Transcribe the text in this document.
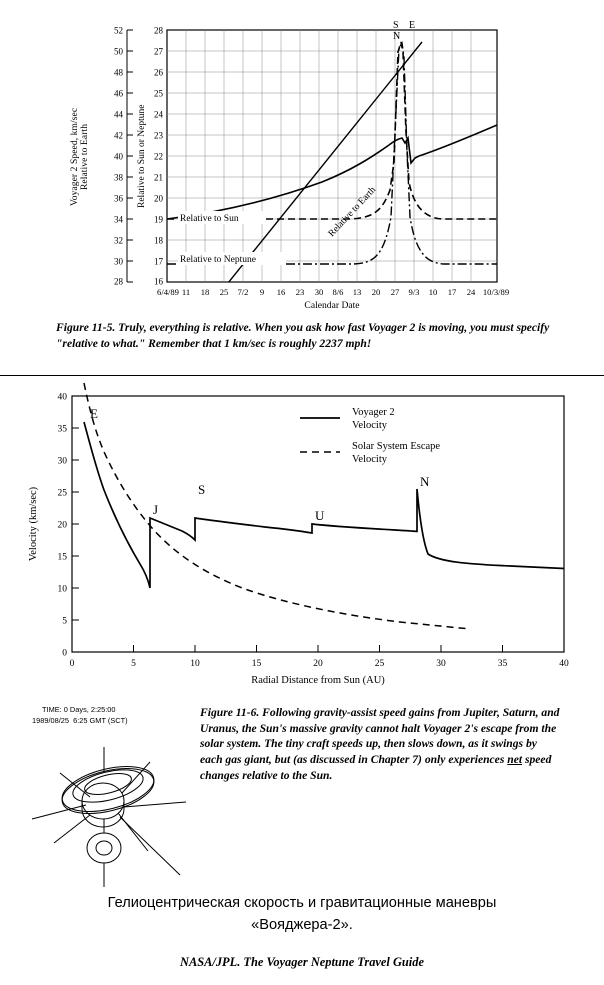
Voyager 2 Speed, km/sec
Relative to Earth
52
50
48
46
44
42
40
38
36
34
32
30
28
Relative to Sun or Neptune
28
27
26
25
24
23
22
21
20
19
18
17
16
Relative to Sun
Relative to Neptune
Relative to Earth
S
N
E
6/4/89 11 18 25 7/2 9 16 23 30 8/6 13 20 27 9/3 10 17 24 10/3/89
Calendar Date
Figure 11-5. Truly, everything is relative. When you ask how fast Voyager 2 is moving, you must specify "relative to what." Remember that 1 km/sec is roughly 2237 mph!
0
5
10
15
20
25
30
35
40
Velocity (km/sec)
0	5	10	15	20	25	30	35	40
Radial Distance from Sun (AU)
E
J
S
U
N
Voyager 2
Velocity
Solar System Escape
Velocity
Figure 11-6. Following gravity-assist speed gains from Jupiter, Saturn, and Uranus, the Sun's massive gravity cannot halt Voyager 2's escape from the solar system. The tiny craft speeds up, then slows down, as it swings by each gas giant, but (as discussed in Chapter 7) only experiences net speed changes relative to the Sun.
TIME: 0 Days, 2:25:00
1989/08/25  6:25 GMT (SCT)
Гелиоцентрическая скорость и гравитационные маневры
«Вояджера-2».
NASA/JPL. The Voyager Neptune Travel Guide
